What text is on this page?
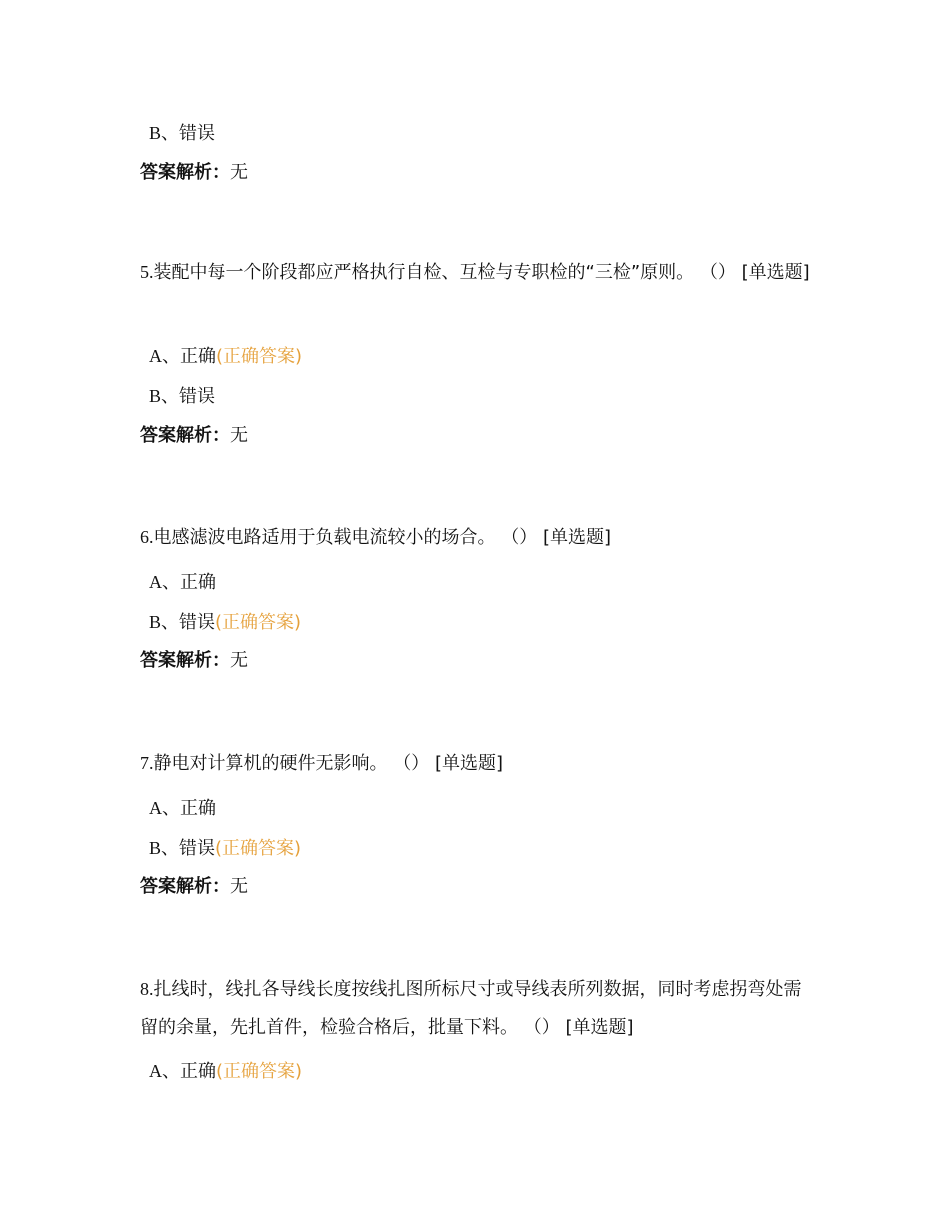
B、错误
答案解析：无
5.装配中每一个阶段都应严格执行自检、互检与专职检的“三检”原则。 （） [单选题]
A、正确(正确答案)
B、错误
答案解析：无
6.电感滤波电路适用于负载电流较小的场合。 （） [单选题]
A、正确
B、错误(正确答案)
答案解析：无
7.静电对计算机的硬件无影响。 （） [单选题]
A、正确
B、错误(正确答案)
答案解析：无
8.扎线时，线扎各导线长度按线扎图所标尺寸或导线表所列数据，同时考虑拐弯处需留的余量，先扎首件，检验合格后，批量下料。 （） [单选题]
A、正确(正确答案)
